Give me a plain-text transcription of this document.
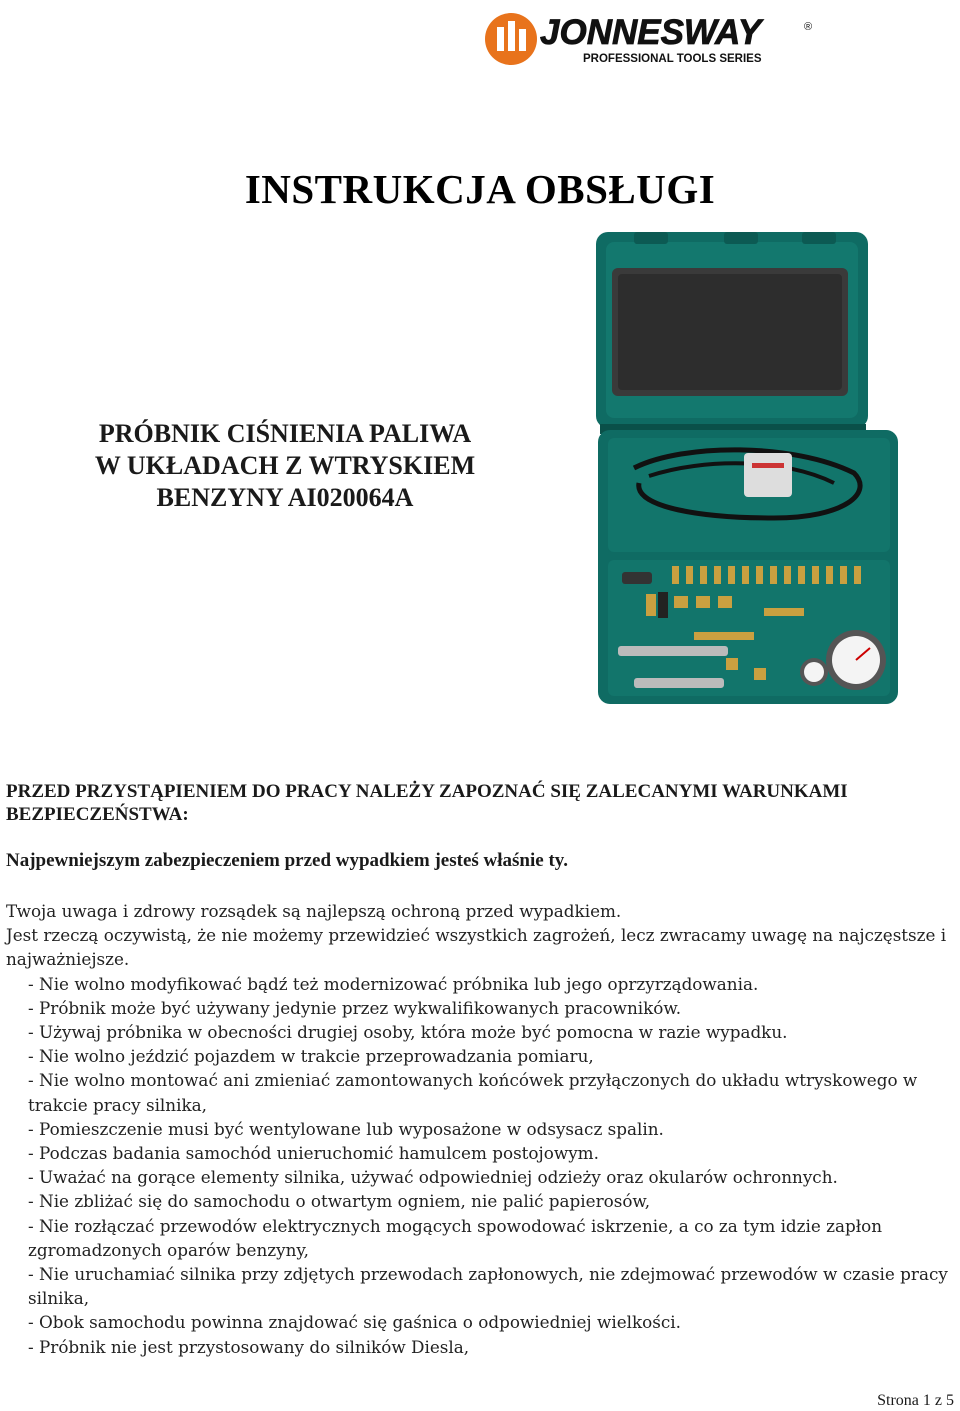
JONNESWAY	®
PROFESSIONAL TOOLS SERIES
INSTRUKCJA OBSŁUGI
PRÓBNIK CIŚNIENIA PALIWA
W UKŁADACH Z WTRYSKIEM
BENZYNY AI020064A

PRZED PRZYSTĄPIENIEM DO PRACY NALEŻY ZAPOZNAĆ SIĘ ZALECANYMI WARUNKAMI BEZPIECZEŃSTWA:

Najpewniejszym zabezpieczeniem przed wypadkiem jesteś właśnie ty.

Twoja uwaga i zdrowy rozsądek są najlepszą ochroną przed wypadkiem.

Jest rzeczą oczywistą, że nie możemy przewidzieć wszystkich zagrożeń, lecz zwracamy uwagę na najczęstsze i najważniejsze.

- Nie wolno modyfikować bądź też modernizować próbnika lub jego oprzyrządowania.
- Próbnik może być używany jedynie przez wykwalifikowanych pracowników.
- Używaj próbnika w obecności drugiej osoby, która może być pomocna w razie wypadku.
- Nie wolno jeździć pojazdem w trakcie przeprowadzania pomiaru,
- Nie wolno montować ani zmieniać zamontowanych końcówek przyłączonych do układu wtryskowego w trakcie pracy silnika,
- Pomieszczenie musi być wentylowane lub wyposażone w odsysacz spalin.
- Podczas badania samochód unieruchomić hamulcem postojowym.
- Uważać na gorące elementy silnika, używać odpowiedniej odzieży oraz okularów ochronnych.
- Nie zbliżać się do samochodu o otwartym ogniem, nie palić papierosów,
- Nie rozłączać przewodów elektrycznych mogących spowodować iskrzenie, a co za tym idzie zapłon zgromadzonych oparów benzyny,
- Nie uruchamiać silnika przy zdjętych przewodach zapłonowych, nie zdejmować przewodów w czasie pracy silnika,
- Obok samochodu powinna znajdować się gaśnica o odpowiedniej wielkości.
- Próbnik nie jest przystosowany do silników Diesla,

Strona 1 z 5
